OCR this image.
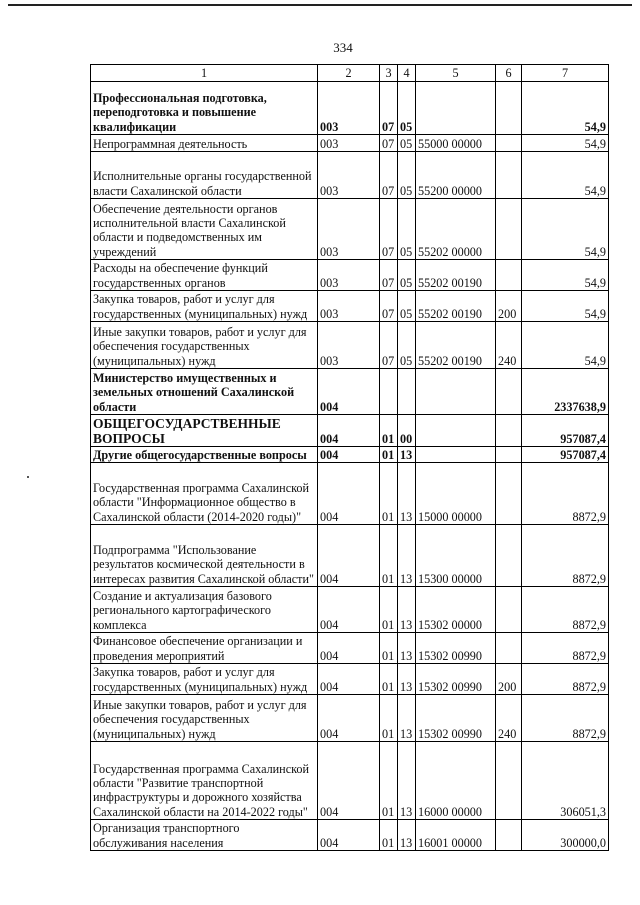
334
1	2	3	4	5	6	7
Профессиональная подготовка, переподготовка и повышение квалификации	003	07	05			54,9
Непрограммная деятельность	003	07	05	55000 00000		54,9
Исполнительные органы государственной власти Сахалинской области	003	07	05	55200 00000		54,9
Обеспечение деятельности органов исполнительной власти Сахалинской области и подведомственных им учреждений	003	07	05	55202 00000		54,9
Расходы на обеспечение функций государственных органов	003	07	05	55202 00190		54,9
Закупка товаров, работ и услуг для государственных (муниципальных) нужд	003	07	05	55202 00190	200	54,9
Иные закупки товаров, работ и услуг для обеспечения государственных (муниципальных) нужд	003	07	05	55202 00190	240	54,9
Министерство имущественных и земельных отношений Сахалинской области	004					2337638,9
ОБЩЕГОСУДАРСТВЕННЫЕ ВОПРОСЫ	004	01	00			957087,4
Другие общегосударственные вопросы	004	01	13			957087,4
Государственная программа Сахалинской области "Информационное общество в Сахалинской области (2014-2020 годы)"	004	01	13	15000 00000		8872,9
Подпрограмма "Использование результатов космической деятельности в интересах развития Сахалинской области"	004	01	13	15300 00000		8872,9
Создание и актуализация базового регионального картографического комплекса	004	01	13	15302 00000		8872,9
Финансовое обеспечение организации и проведения мероприятий	004	01	13	15302 00990		8872,9
Закупка товаров, работ и услуг для государственных (муниципальных) нужд	004	01	13	15302 00990	200	8872,9
Иные закупки товаров, работ и услуг для обеспечения государственных (муниципальных) нужд	004	01	13	15302 00990	240	8872,9
Государственная программа Сахалинской области "Развитие транспортной инфраструктуры и дорожного хозяйства Сахалинской области на 2014-2022 годы"	004	01	13	16000 00000		306051,3
Организация транспортного обслуживания населения	004	01	13	16001 00000		300000,0
